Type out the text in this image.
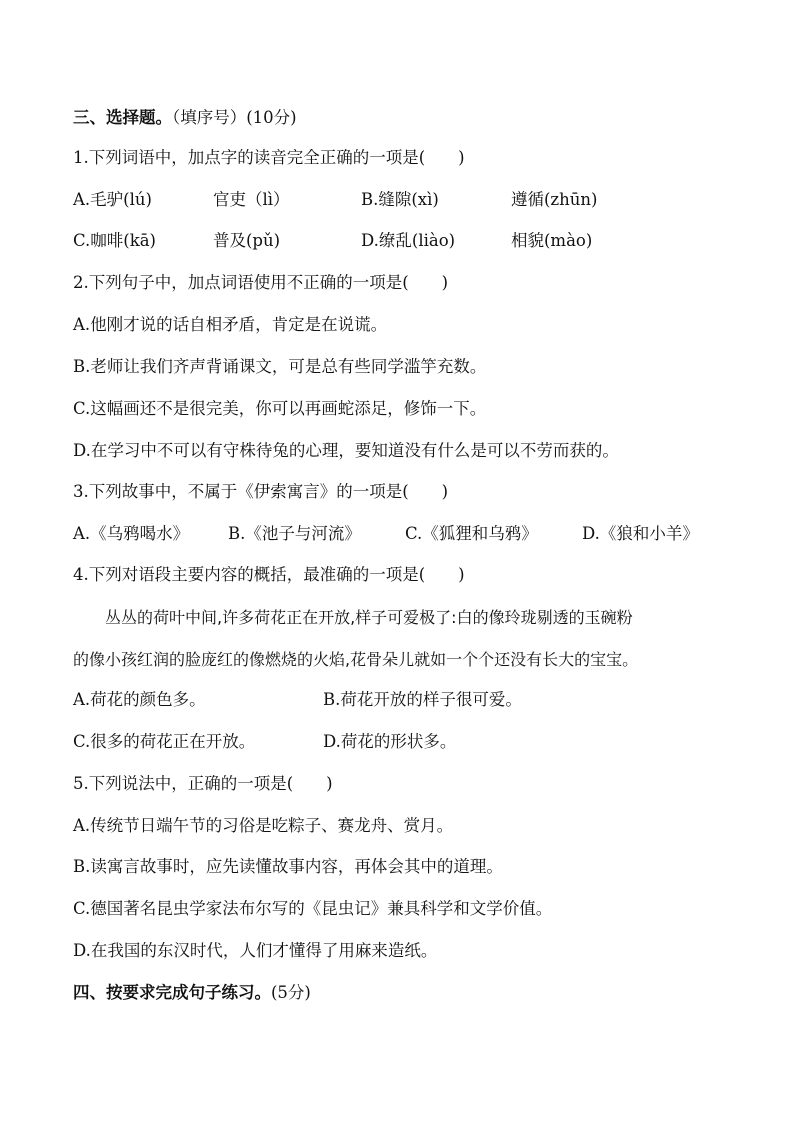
三、选择题。（填序号）(10分)
1.下列词语中，加点字的读音完全正确的一项是(　　)
A.毛驴(lú)	官吏（lì）	B.缝隙(xì)	遵循(zhūn)
C.咖啡(kā)	普及(pǔ)	D.缭乱(liào)	相貌(mào)
2.下列句子中，加点词语使用不正确的一项是(　　)
A.他刚才说的话自相矛盾，肯定是在说谎。
B.老师让我们齐声背诵课文，可是总有些同学滥竽充数。
C.这幅画还不是很完美，你可以再画蛇添足，修饰一下。
D.在学习中不可以有守株待兔的心理，要知道没有什么是可以不劳而获的。
3.下列故事中，不属于《伊索寓言》的一项是(　　)
A.《乌鸦喝水》 B.《池子与河流》	C.《狐狸和乌鸦》	D.《狼和小羊》
4.下列对语段主要内容的概括，最准确的一项是(　　)
　　丛丛的荷叶中间,许多荷花正在开放,样子可爱极了:白的像玲珑剔透的玉碗粉
的像小孩红润的脸庞红的像燃烧的火焰,花骨朵儿就如一个个还没有长大的宝宝。
A.荷花的颜色多。	B.荷花开放的样子很可爱。
C.很多的荷花正在开放。	D.荷花的形状多。
5.下列说法中，正确的一项是(　　)
A.传统节日端午节的习俗是吃粽子、赛龙舟、赏月。
B.读寓言故事时，应先读懂故事内容，再体会其中的道理。
C.德国著名昆虫学家法布尔写的《昆虫记》兼具科学和文学价值。
D.在我国的东汉时代，人们才懂得了用麻来造纸。
四、按要求完成句子练习。(5分)
